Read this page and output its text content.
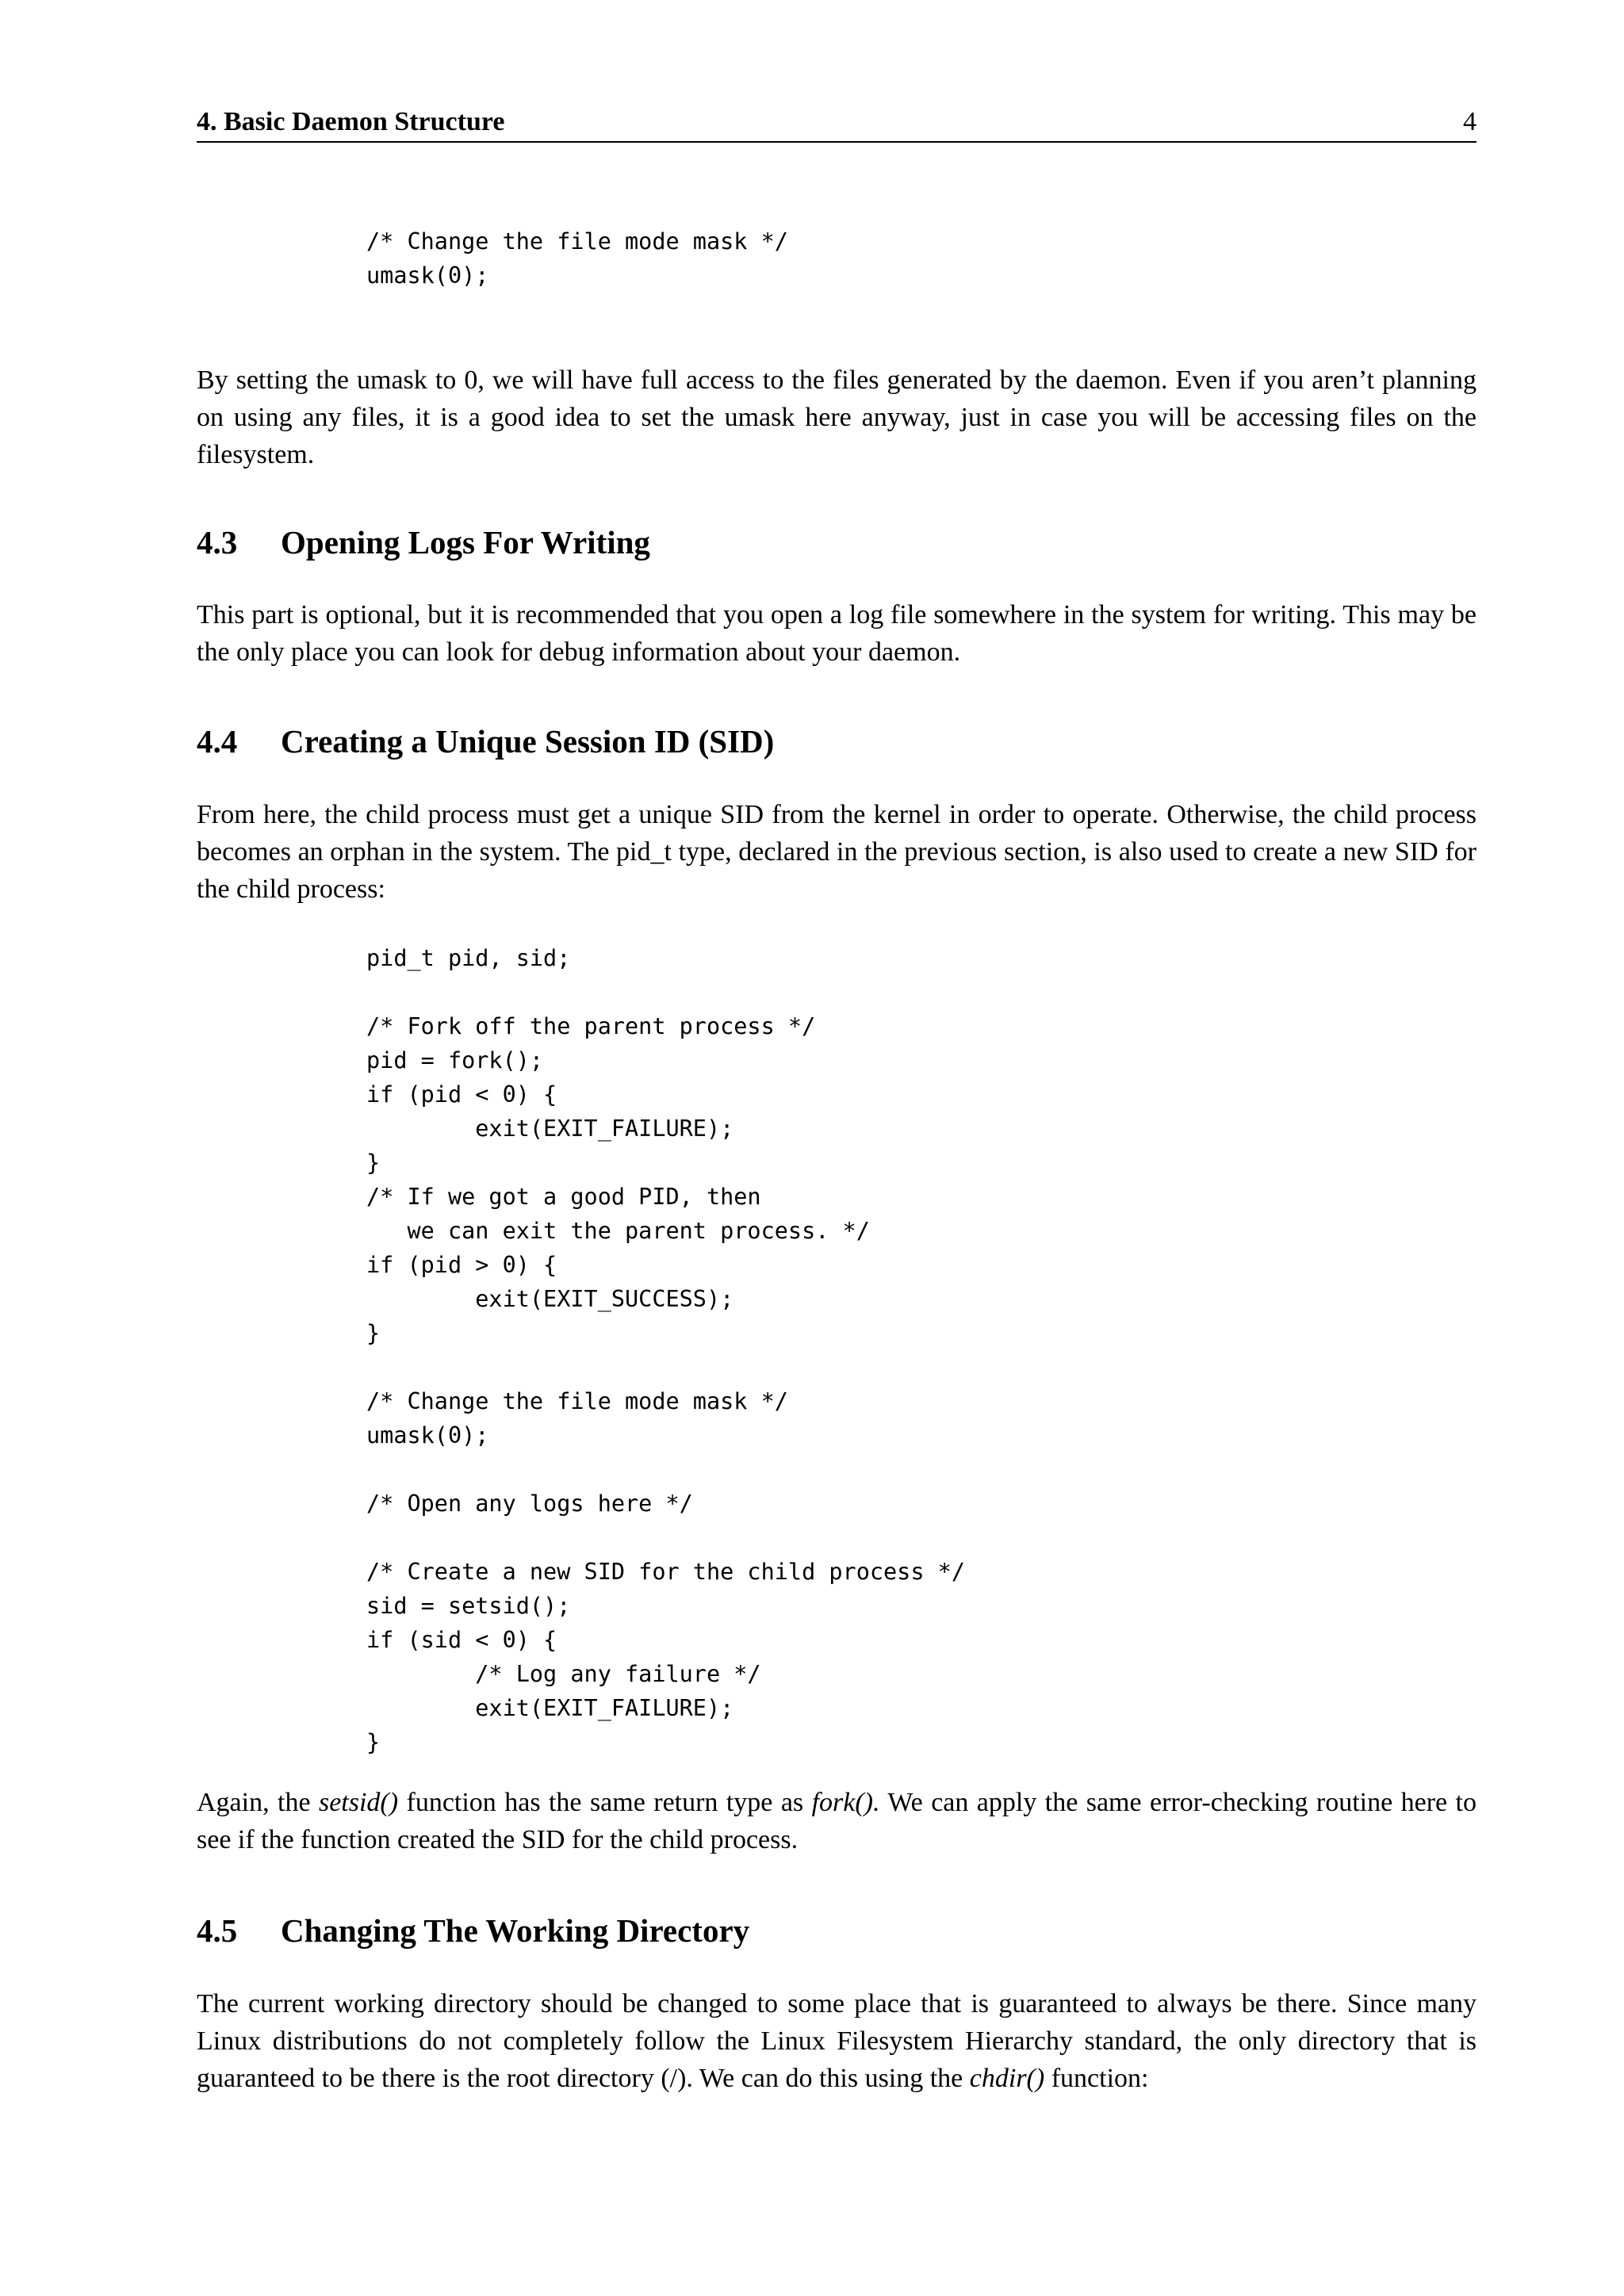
4. Basic Daemon Structure	4
/* Change the file mode mask */
umask(0);

By setting the umask to 0, we will have full access to the files generated by the daemon. Even if you aren’t planning on using any files, it is a good idea to set the umask here anyway, just in case you will be accessing files on the filesystem.

4.3 Opening Logs For Writing

This part is optional, but it is recommended that you open a log file somewhere in the system for writing. This may be the only place you can look for debug information about your daemon.

4.4 Creating a Unique Session ID (SID)

From here, the child process must get a unique SID from the kernel in order to operate. Otherwise, the child process becomes an orphan in the system. The pid_t type, declared in the previous section, is also used to create a new SID for the child process:

pid_t pid, sid;

/* Fork off the parent process */
pid = fork();
if (pid < 0) {
exit(EXIT_FAILURE);
}
/* If we got a good PID, then
we can exit the parent process. */
if (pid > 0) {
exit(EXIT_SUCCESS);
}

/* Change the file mode mask */
umask(0);

/* Open any logs here */

/* Create a new SID for the child process */
sid = setsid();
if (sid < 0) {
/* Log any failure */
exit(EXIT_FAILURE);
}

Again, the setsid() function has the same return type as fork(). We can apply the same error-checking routine here to see if the function created the SID for the child process.

4.5 Changing The Working Directory

The current working directory should be changed to some place that is guaranteed to always be there. Since many Linux distributions do not completely follow the Linux Filesystem Hierarchy standard, the only directory that is guaranteed to be there is the root directory (/). We can do this using the chdir() function:
